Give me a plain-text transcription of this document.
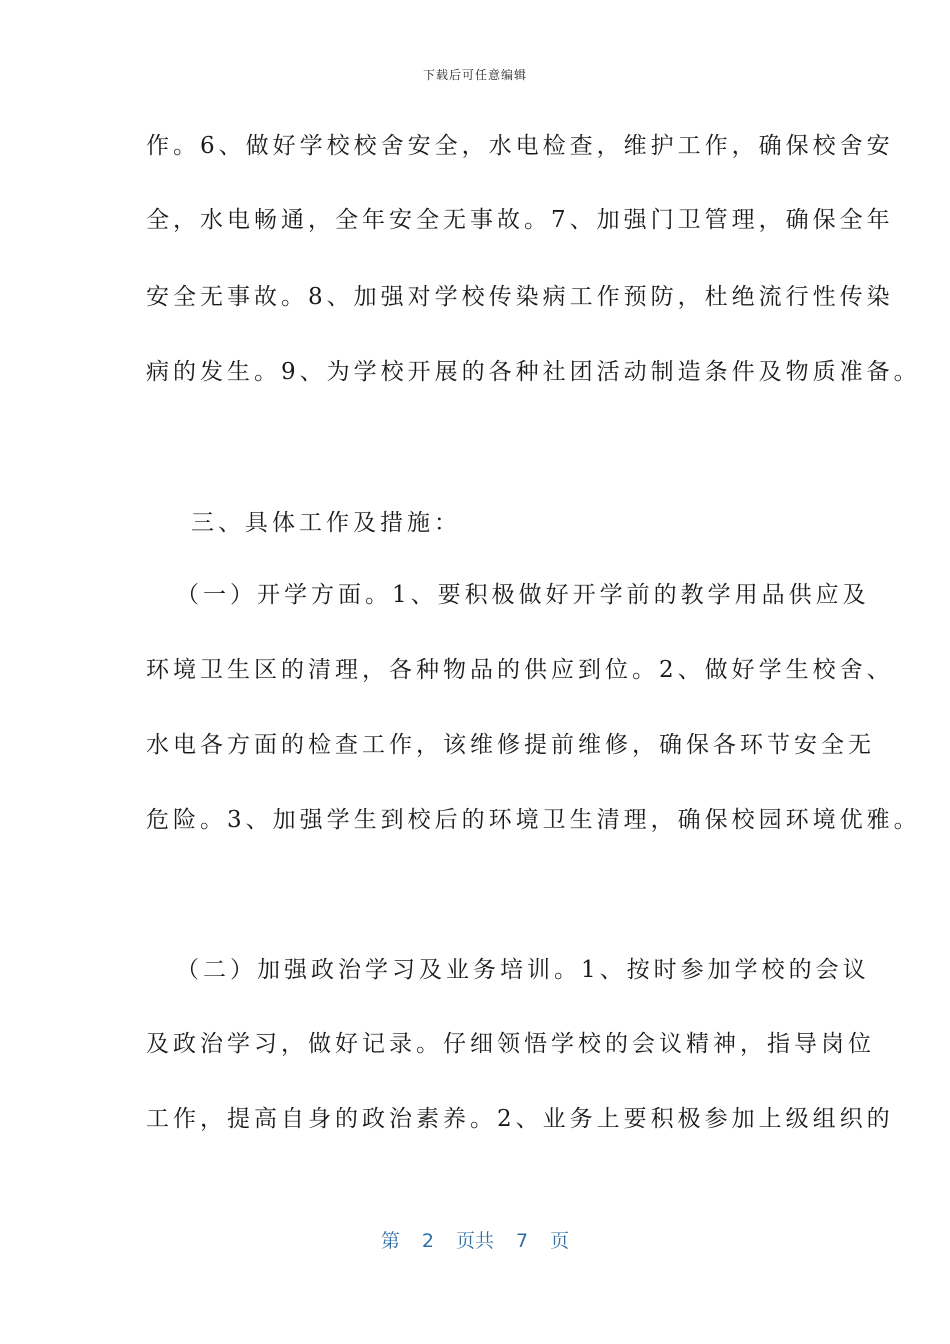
下载后可任意编辑
作。6、做好学校校舍安全，水电检查，维护工作，确保校舍安
全，水电畅通，全年安全无事故。7、加强门卫管理，确保全年
安全无事故。8、加强对学校传染病工作预防，杜绝流行性传染
病的发生。9、为学校开展的各种社团活动制造条件及物质准备。
三、具体工作及措施：
（一）开学方面。1、要积极做好开学前的教学用品供应及
环境卫生区的清理，各种物品的供应到位。2、做好学生校舍、
水电各方面的检查工作，该维修提前维修，确保各环节安全无
危险。3、加强学生到校后的环境卫生清理，确保校园环境优雅。
（二）加强政治学习及业务培训。1、按时参加学校的会议
及政治学习，做好记录。仔细领悟学校的会议精神，指导岗位
工作，提高自身的政治素养。2、业务上要积极参加上级组织的
第 2 页共 7 页
